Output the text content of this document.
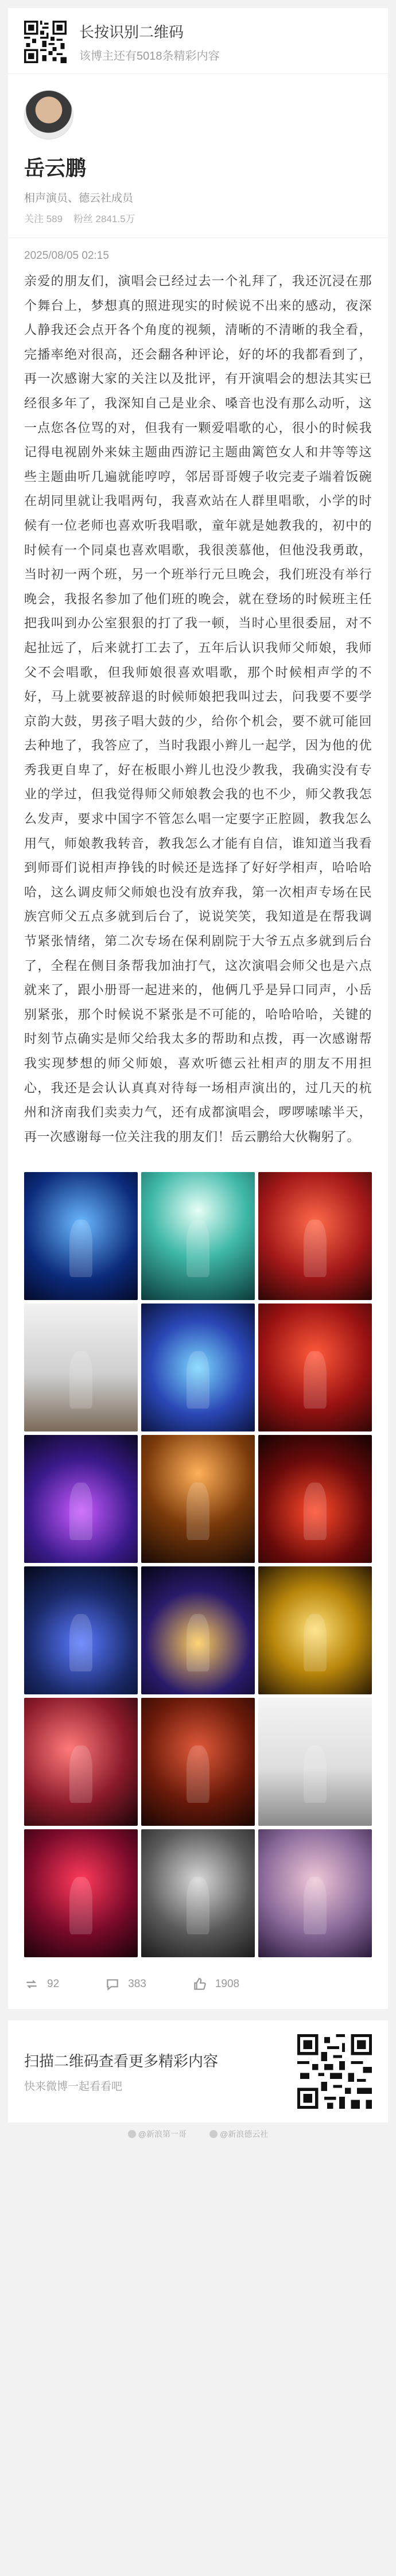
长按识别二维码
该博主还有5018条精彩内容
岳云鹏
相声演员、德云社成员
关注 589 粉丝 2841.5万
2025/08/05 02:15
亲爱的朋友们，演唱会已经过去一个礼拜了，我还沉浸在那个舞台上，梦想真的照进现实的时候说不出来的感动，夜深人静我还会点开各个角度的视频，清晰的不清晰的我全看，完播率绝对很高，还会翻各种评论，好的坏的我都看到了，再一次感谢大家的关注以及批评，有开演唱会的想法其实已经很多年了，我深知自己是业余、嗓音也没有那么动听，这一点您各位骂的对，但我有一颗爱唱歌的心，很小的时候我记得电视剧外来妹主题曲西游记主题曲篱笆女人和井等等这些主题曲听几遍就能哼哼，邻居哥哥嫂子收完麦子端着饭碗在胡同里就让我唱两句，我喜欢站在人群里唱歌，小学的时候有一位老师也喜欢听我唱歌，童年就是她教我的，初中的时候有一个同桌也喜欢唱歌，我很羡慕他，但他没我勇敢，当时初一两个班，另一个班举行元旦晚会，我们班没有举行晚会，我报名参加了他们班的晚会，就在登场的时候班主任把我叫到办公室狠狠的打了我一顿，当时心里很委屈，对不起扯远了，后来就打工去了，五年后认识我师父师娘，我师父不会唱歌，但我师娘很喜欢唱歌，那个时候相声学的不好，马上就要被辞退的时候师娘把我叫过去，问我要不要学京韵大鼓，男孩子唱大鼓的少，给你个机会，要不就可能回去种地了，我答应了，当时我跟小辫儿一起学，因为他的优秀我更自卑了，好在板眼小辫儿也没少教我，我确实没有专业的学过，但我觉得师父师娘教会我的也不少，师父教我怎么发声，要求中国字不管怎么唱一定要字正腔圆，教我怎么用气，师娘教我转音，教我怎么才能有自信，谁知道当我看到师哥们说相声挣钱的时候还是选择了好好学相声，哈哈哈哈，这么调皮师父师娘也没有放弃我，第一次相声专场在民族宫师父五点多就到后台了，说说笑笑，我知道是在帮我调节紧张情绪，第二次专场在保利剧院于大爷五点多就到后台了，全程在侧目条帮我加油打气，这次演唱会师父也是六点就来了，跟小册哥一起进来的，他俩几乎是异口同声，小岳别紧张，那个时候说不紧张是不可能的，哈哈哈哈，关键的时刻节点确实是师父给我太多的帮助和点拨，再一次感谢帮我实现梦想的师父师娘，喜欢听德云社相声的朋友不用担心，我还是会认认真真对待每一场相声演出的，过几天的杭州和济南我们卖卖力气，还有成都演唱会，啰啰嗦嗦半天，再一次感谢每一位关注我的朋友们！岳云鹏给大伙鞠躬了。
92	383	1908
扫描二维码查看更多精彩内容
快来微博一起看看吧
@新浪第一哥	@新浪德云社
